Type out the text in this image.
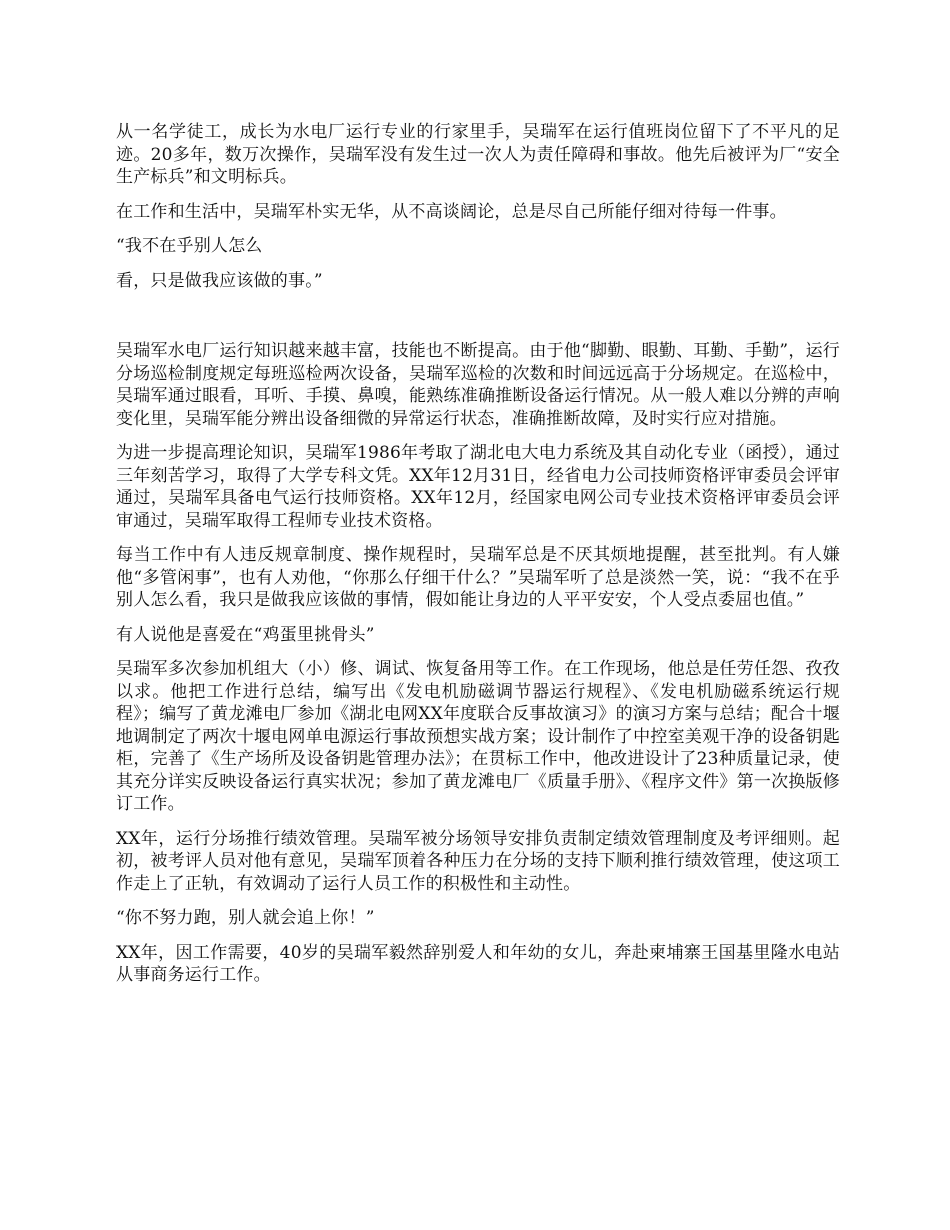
从一名学徒工，成长为水电厂运行专业的行家里手，吴瑞军在运行值班岗位留下了不平凡的足迹。20多年，数万次操作，吴瑞军没有发生过一次人为责任障碍和事故。他先后被评为厂“安全生产标兵”和文明标兵。

在工作和生活中，吴瑞军朴实无华，从不高谈阔论，总是尽自己所能仔细对待每一件事。

“我不在乎别人怎么

看，只是做我应该做的事。”

吴瑞军水电厂运行知识越来越丰富，技能也不断提高。由于他“脚勤、眼勤、耳勤、手勤”，运行分场巡检制度规定每班巡检两次设备，吴瑞军巡检的次数和时间远远高于分场规定。在巡检中，吴瑞军通过眼看，耳听、手摸、鼻嗅，能熟练准确推断设备运行情况。从一般人难以分辨的声响变化里，吴瑞军能分辨出设备细微的异常运行状态，准确推断故障，及时实行应对措施。

为进一步提高理论知识，吴瑞军1986年考取了湖北电大电力系统及其自动化专业（函授），通过三年刻苦学习，取得了大学专科文凭。XX年12月31日，经省电力公司技师资格评审委员会评审通过，吴瑞军具备电气运行技师资格。XX年12月，经国家电网公司专业技术资格评审委员会评审通过，吴瑞军取得工程师专业技术资格。

每当工作中有人违反规章制度、操作规程时，吴瑞军总是不厌其烦地提醒，甚至批判。有人嫌他“多管闲事”，也有人劝他，“你那么仔细干什么？”吴瑞军听了总是淡然一笑，说：“我不在乎别人怎么看，我只是做我应该做的事情，假如能让身边的人平平安安，个人受点委屈也值。”

有人说他是喜爱在“鸡蛋里挑骨头”

吴瑞军多次参加机组大（小）修、调试、恢复备用等工作。在工作现场，他总是任劳任怨、孜孜以求。他把工作进行总结，编写出《发电机励磁调节器运行规程》、《发电机励磁系统运行规程》；编写了黄龙滩电厂参加《湖北电网XX年度联合反事故演习》的演习方案与总结；配合十堰地调制定了两次十堰电网单电源运行事故预想实战方案；设计制作了中控室美观干净的设备钥匙柜，完善了《生产场所及设备钥匙管理办法》；在贯标工作中，他改进设计了23种质量记录，使其充分详实反映设备运行真实状况；参加了黄龙滩电厂《质量手册》、《程序文件》第一次换版修订工作。

XX年，运行分场推行绩效管理。吴瑞军被分场领导安排负责制定绩效管理制度及考评细则。起初，被考评人员对他有意见，吴瑞军顶着各种压力在分场的支持下顺利推行绩效管理，使这项工作走上了正轨，有效调动了运行人员工作的积极性和主动性。

“你不努力跑，别人就会追上你！”

XX年，因工作需要，40岁的吴瑞军毅然辞别爱人和年幼的女儿，奔赴柬埔寨王国基里隆水电站从事商务运行工作。
